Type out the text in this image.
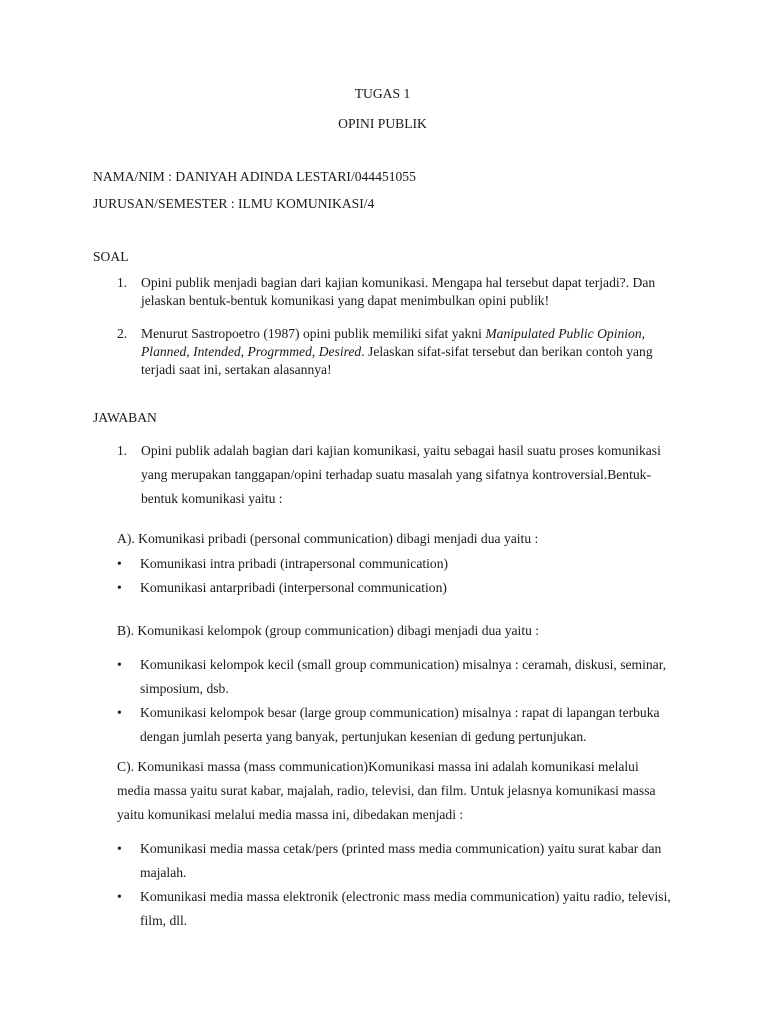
TUGAS 1
OPINI PUBLIK
NAMA/NIM : DANIYAH ADINDA LESTARI/044451055
JURUSAN/SEMESTER : ILMU KOMUNIKASI/4
SOAL
1. Opini publik menjadi bagian dari kajian komunikasi. Mengapa hal tersebut dapat terjadi?. Dan jelaskan bentuk-bentuk komunikasi yang dapat menimbulkan opini publik!
2. Menurut Sastropoetro (1987) opini publik memiliki sifat yakni Manipulated Public Opinion, Planned, Intended, Progrmmed, Desired. Jelaskan sifat-sifat tersebut dan berikan contoh yang terjadi saat ini, sertakan alasannya!
JAWABAN
1. Opini publik adalah bagian dari kajian komunikasi, yaitu sebagai hasil suatu proses komunikasi yang merupakan tanggapan/opini terhadap suatu masalah yang sifatnya kontroversial.Bentuk-bentuk komunikasi yaitu :
A). Komunikasi pribadi (personal communication) dibagi menjadi dua yaitu :
• Komunikasi intra pribadi (intrapersonal communication)
• Komunikasi antarpribadi (interpersonal communication)
B). Komunikasi kelompok (group communication) dibagi menjadi dua yaitu :
• Komunikasi kelompok kecil (small group communication) misalnya : ceramah, diskusi, seminar, simposium, dsb.
• Komunikasi kelompok besar (large group communication) misalnya : rapat di lapangan terbuka dengan jumlah peserta yang banyak, pertunjukan kesenian di gedung pertunjukan.
C). Komunikasi massa (mass communication)Komunikasi massa ini adalah komunikasi melalui media massa yaitu surat kabar, majalah, radio, televisi, dan film. Untuk jelasnya komunikasi massa yaitu komunikasi melalui media massa ini, dibedakan menjadi :
• Komunikasi media massa cetak/pers (printed mass media communication) yaitu surat kabar dan majalah.
• Komunikasi media massa elektronik (electronic mass media communication) yaitu radio, televisi, film, dll.
